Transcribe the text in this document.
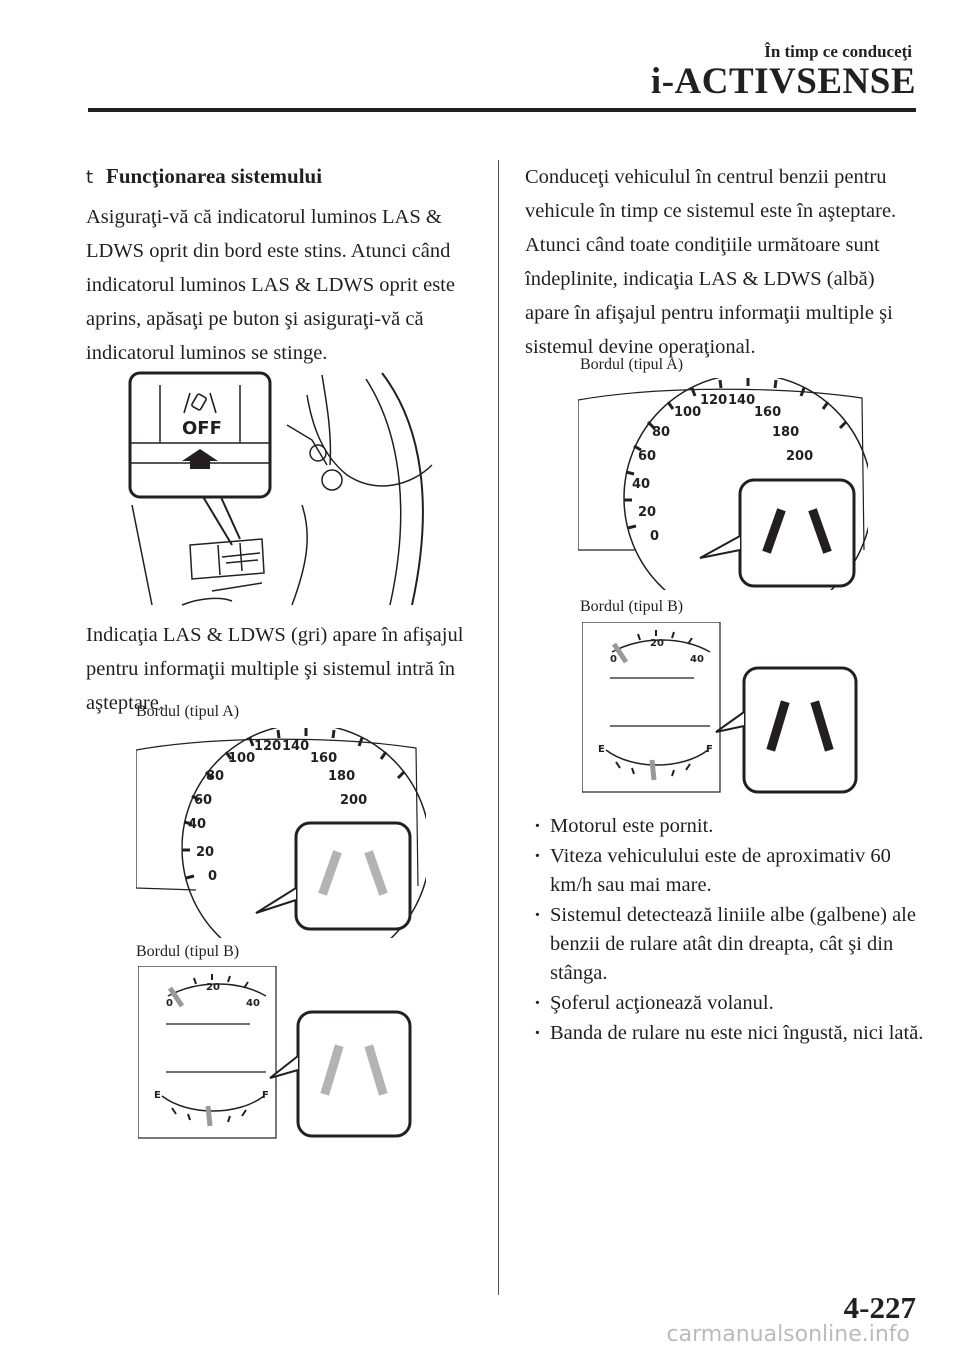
În timp ce conduceţi
i-ACTIVSENSE
t Funcţionarea sistemului
Asiguraţi-vă că indicatorul luminos LAS & LDWS oprit din bord este stins. Atunci când indicatorul luminos LAS & LDWS oprit este aprins, apăsaţi pe buton şi asiguraţi-vă că indicatorul luminos se stinge.
OFF
Indicaţia LAS & LDWS (gri) apare în afişajul pentru informaţii multiple şi sistemul intră în aşteptare.
Bordul (tipul A)
0
20
40
60
80
100
120 140
160
180
200
Bordul (tipul B)
0
20
40
E	F
Conduceţi vehiculul în centrul benzii pentru vehicule în timp ce sistemul este în aşteptare. Atunci când toate condiţiile următoare sunt îndeplinite, indicaţia LAS & LDWS (albă) apare în afişajul pentru informaţii multiple şi sistemul devine operaţional.
Bordul (tipul A)
0
20
40
60
80
100
120 140
160
180
200
Bordul (tipul B)
0
20
40
E	F
· Motorul este pornit.
· Viteza vehiculului este de aproximativ 60 km/h sau mai mare.
· Sistemul detectează liniile albe (galbene) ale benzii de rulare atât din dreapta, cât şi din stânga.
· Şoferul acţionează volanul.
· Banda de rulare nu este nici îngustă, nici lată.
4-227
carmanualsonline.info
